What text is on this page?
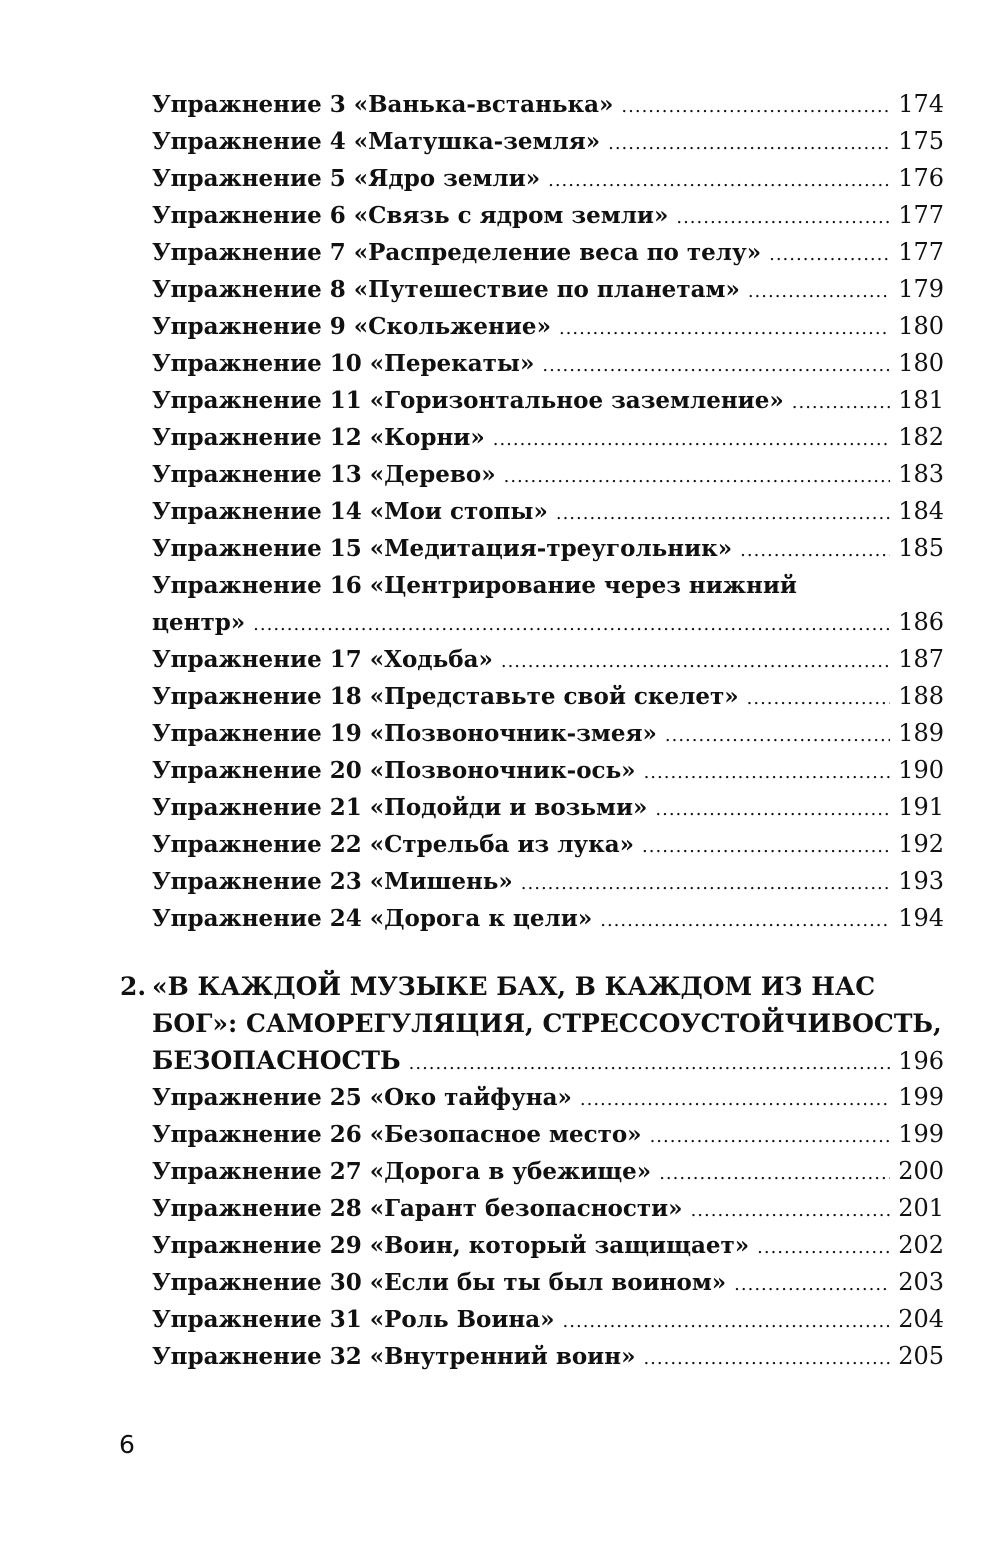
Упражнение 3 «Ванька-встанька» .....	174
Упражнение 4 «Матушка-земля» .....	175
Упражнение 5 «Ядро земли» .....	176
Упражнение 6 «Связь с ядром земли» .....	177
Упражнение 7 «Распределение веса по телу» .....	177
Упражнение 8 «Путешествие по планетам» .....	179
Упражнение 9 «Скольжение» .....	180
Упражнение 10 «Перекаты» .....	180
Упражнение 11 «Горизонтальное заземление» .....	181
Упражнение 12 «Корни» .....	182
Упражнение 13 «Дерево» .....	183
Упражнение 14 «Мои стопы» .....	184
Упражнение 15 «Медитация-треугольник» .....	185
Упражнение 16 «Центрирование через нижний
центр» .....	186
Упражнение 17 «Ходьба» .....	187
Упражнение 18 «Представьте свой скелет» .....	188
Упражнение 19 «Позвоночник-змея» .....	189
Упражнение 20 «Позвоночник-ось» .....	190
Упражнение 21 «Подойди и возьми» .....	191
Упражнение 22 «Стрельба из лука» .....	192
Упражнение 23 «Мишень» .....	193
Упражнение 24 «Дорога к цели» .....	194
2. «В КАЖДОЙ МУЗЫКЕ БАХ, В КАЖДОМ ИЗ НАС
БОГ»: САМОРЕГУЛЯЦИЯ, СТРЕССОУСТОЙЧИВОСТЬ,
БЕЗОПАСНОСТЬ .....	196
Упражнение 25 «Око тайфуна» .....	199
Упражнение 26 «Безопасное место» .....	199
Упражнение 27 «Дорога в убежище» .....	200
Упражнение 28 «Гарант безопасности» .....	201
Упражнение 29 «Воин, который защищает» .....	202
Упражнение 30 «Если бы ты был воином» .....	203
Упражнение 31 «Роль Воина» .....	204
Упражнение 32 «Внутренний воин» .....	205
6
